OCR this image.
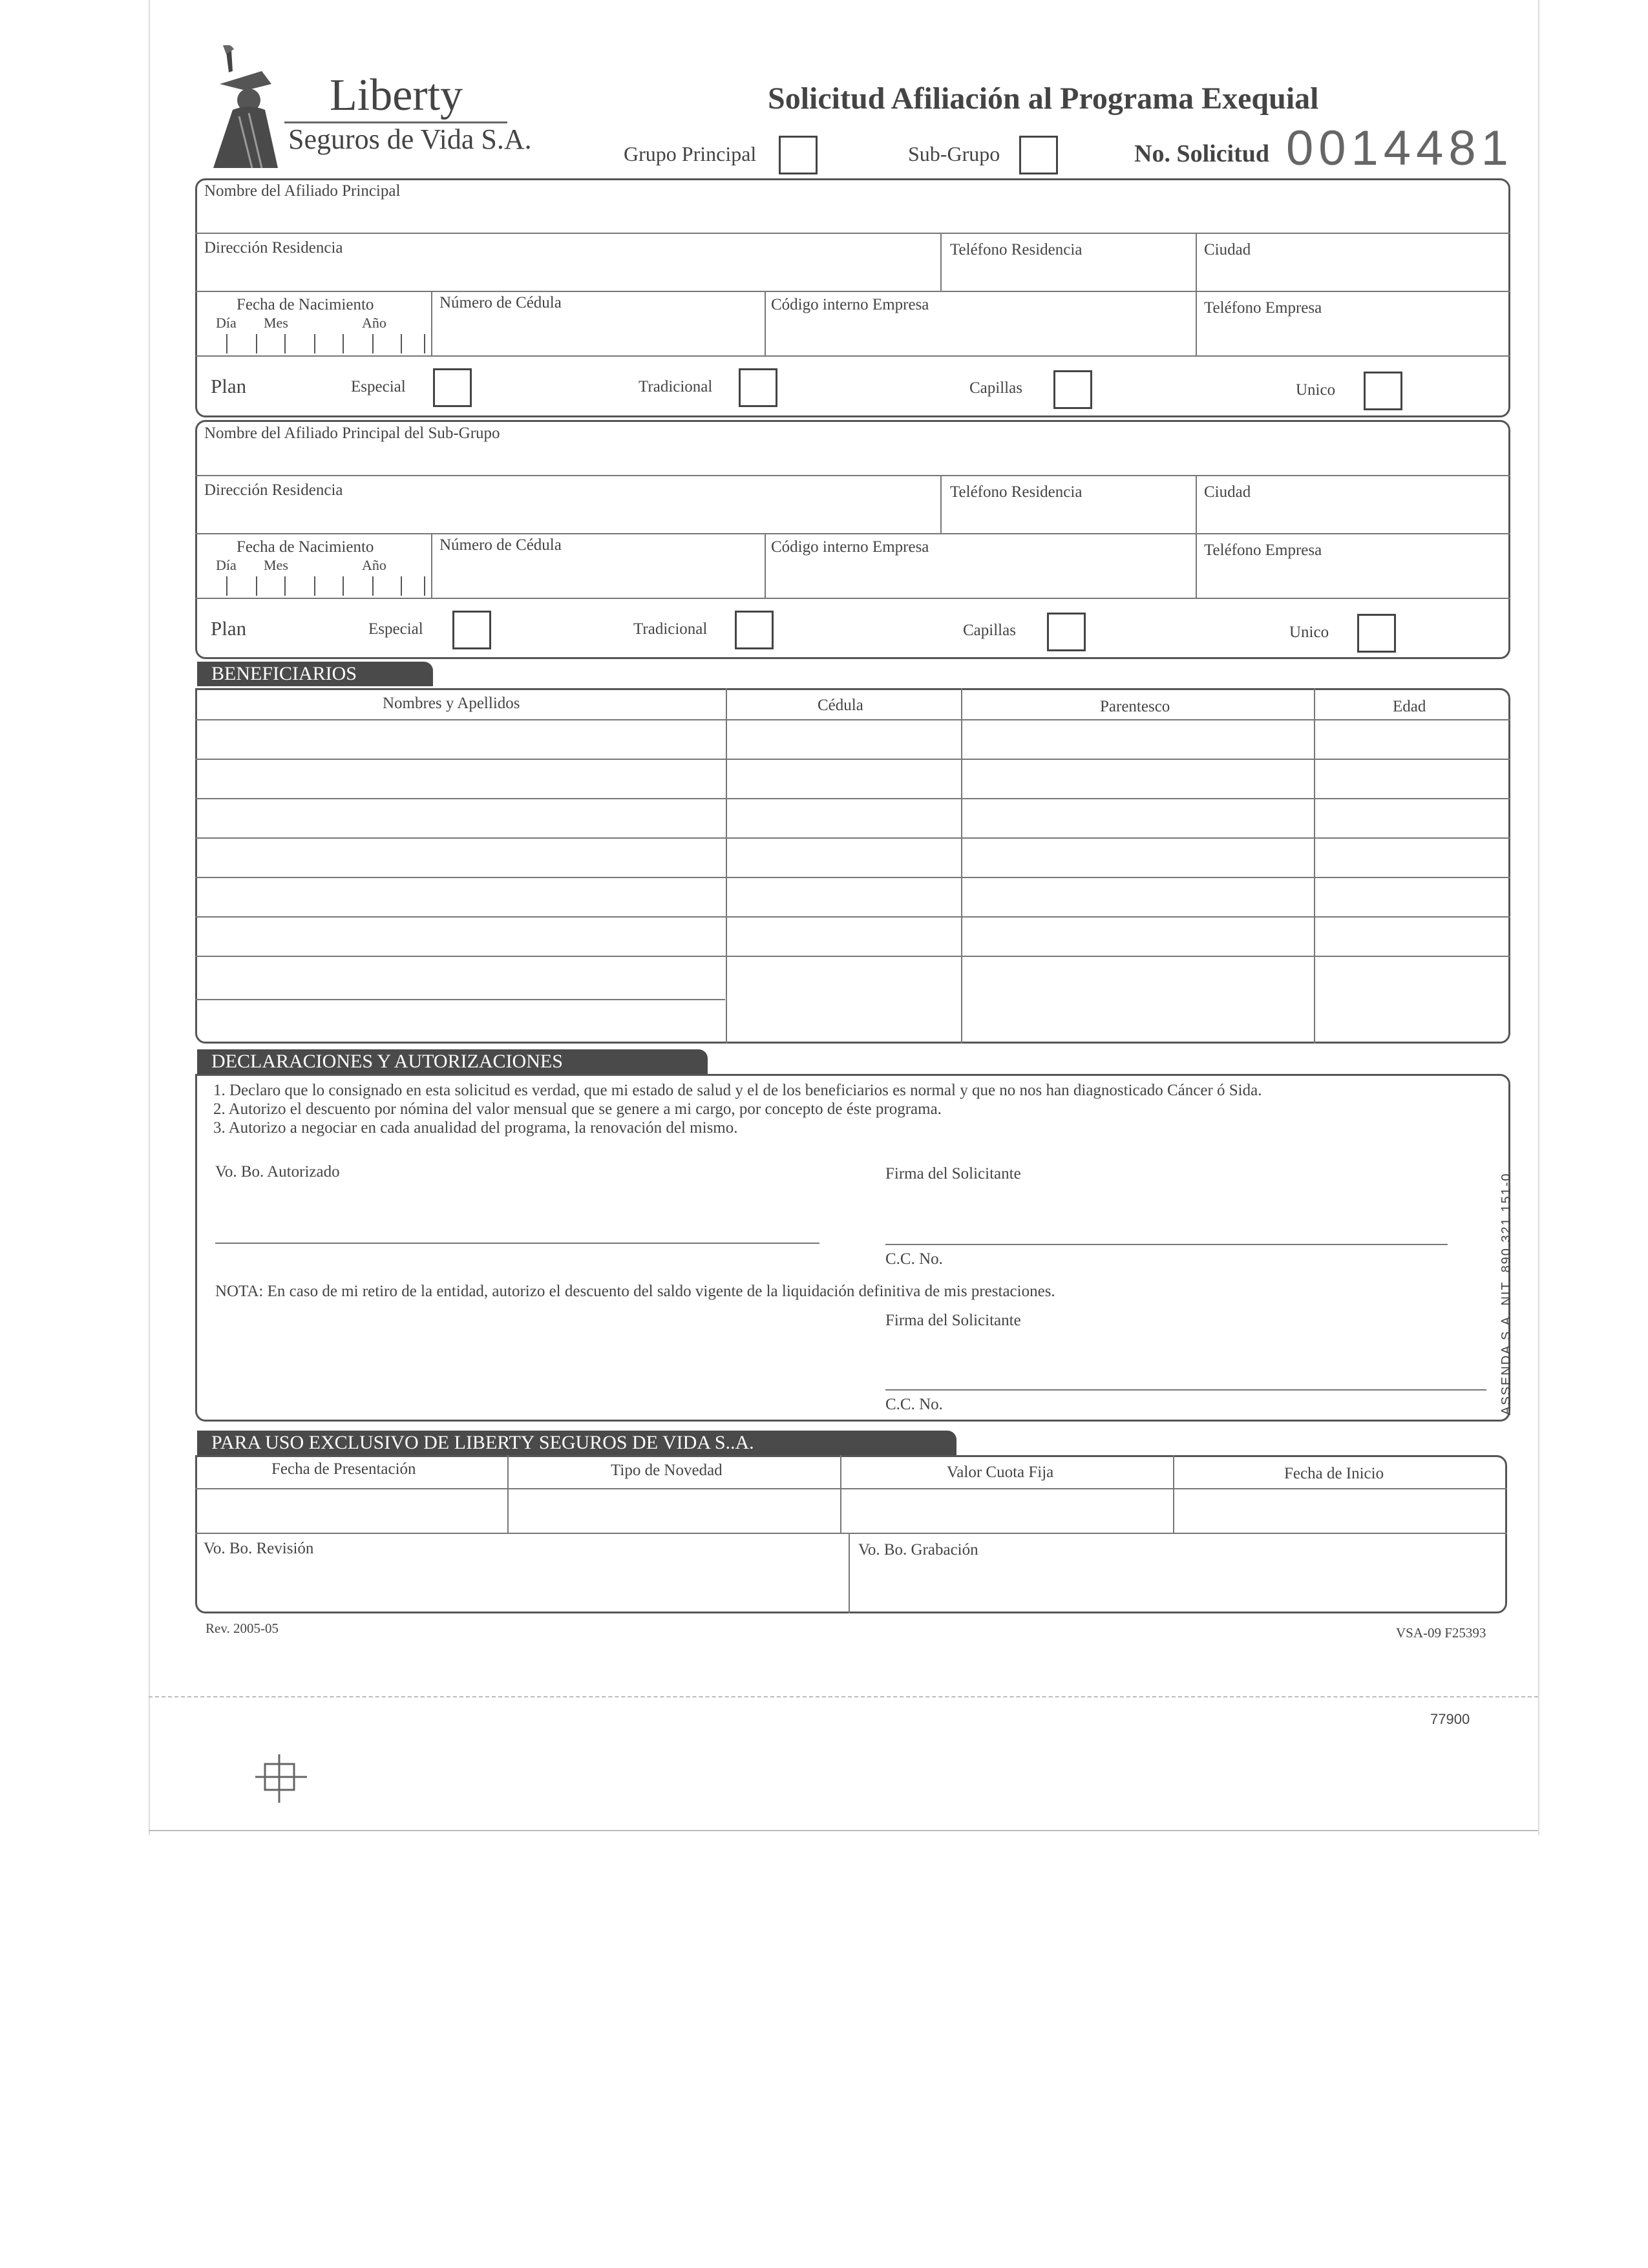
Liberty
Seguros de Vida S.A.
Solicitud Afiliación al Programa Exequial
Grupo Principal	Sub-Grupo	No. Solicitud 0014481
Nombre del Afiliado Principal
Dirección Residencia	Teléfono Residencia	Ciudad
Fecha de Nacimiento
Día Mes	Año
Número de Cédula	Código interno Empresa	Teléfono Empresa
Plan	Especial	Tradicional	Capillas	Unico
Nombre del Afiliado Principal del Sub-Grupo
Dirección Residencia	Teléfono Residencia	Ciudad
Fecha de Nacimiento
Día Mes	Año
Número de Cédula	Código interno Empresa	Teléfono Empresa
Plan	Especial	Tradicional	Capillas	Unico
BENEFICIARIOS
Nombres y Apellidos	Cédula	Parentesco	Edad
DECLARACIONES Y AUTORIZACIONES
1. Declaro que lo consignado en esta solicitud es verdad, que mi estado de salud y el de los beneficiarios es normal y que no nos han diagnosticado Cáncer ó Sida.
2. Autorizo el descuento por nómina del valor mensual que se genere a mi cargo, por concepto de éste programa.
3. Autorizo a negociar en cada anualidad del programa, la renovación del mismo.
Vo. Bo. Autorizado	Firma del Solicitante
C.C. No.
NOTA: En caso de mi retiro de la entidad, autorizo el descuento del saldo vigente de la liquidación definitiva de mis prestaciones.
Firma del Solicitante
C.C. No.	ASSENDA S.A. NIT. 890.321.151-0
PARA USO EXCLUSIVO DE LIBERTY SEGUROS DE VIDA S..A.
Fecha de Presentación	Tipo de Novedad	Valor Cuota Fija	Fecha de Inicio
Vo. Bo. Revisión	Vo. Bo. Grabación
Rev. 2005-05	VSA-09 F25393
77900
